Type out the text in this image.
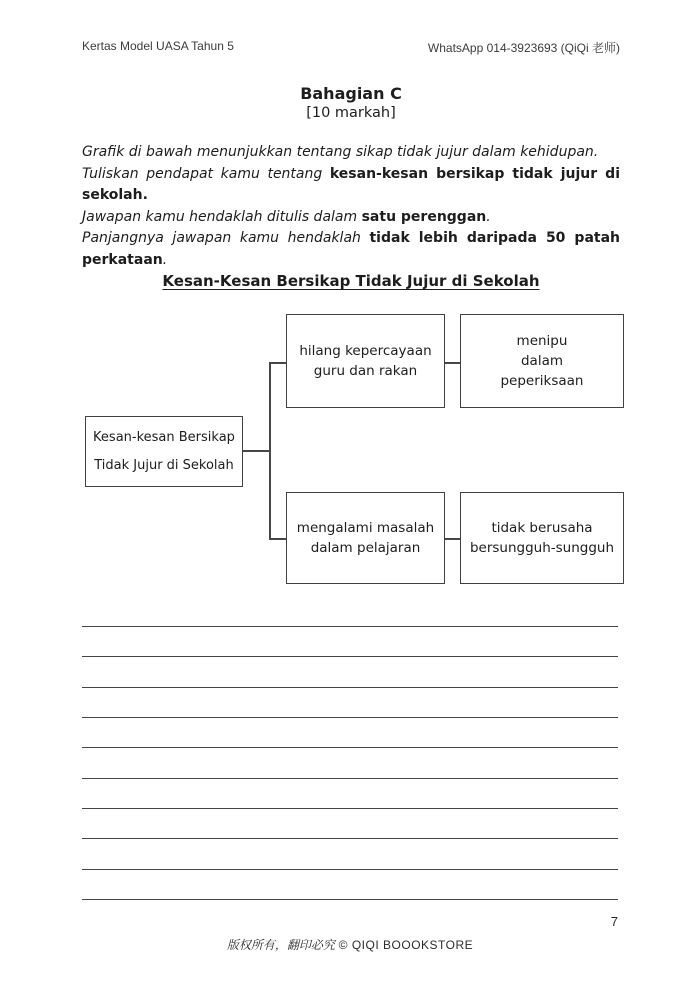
Kertas Model UASA Tahun 5	WhatsApp 014-3923693 (QiQi 老师)
Bahagian C
[10 markah]
Grafik di bawah menunjukkan tentang sikap tidak jujur dalam kehidupan.
Tuliskan pendapat kamu tentang kesan-kesan bersikap tidak jujur di
sekolah.
Jawapan kamu hendaklah ditulis dalam satu perenggan.
Panjangnya jawapan kamu hendaklah tidak lebih daripada 50 patah
perkataan.
Kesan-Kesan Bersikap Tidak Jujur di Sekolah
Kesan-kesan Bersikap
Tidak Jujur di Sekolah
hilang kepercayaan
guru dan rakan
menipu
dalam
peperiksaan
mengalami masalah
dalam pelajaran
tidak berusaha
bersungguh-sungguh
7
版权所有，翻印必究 © QIQI BOOOKSTORE
